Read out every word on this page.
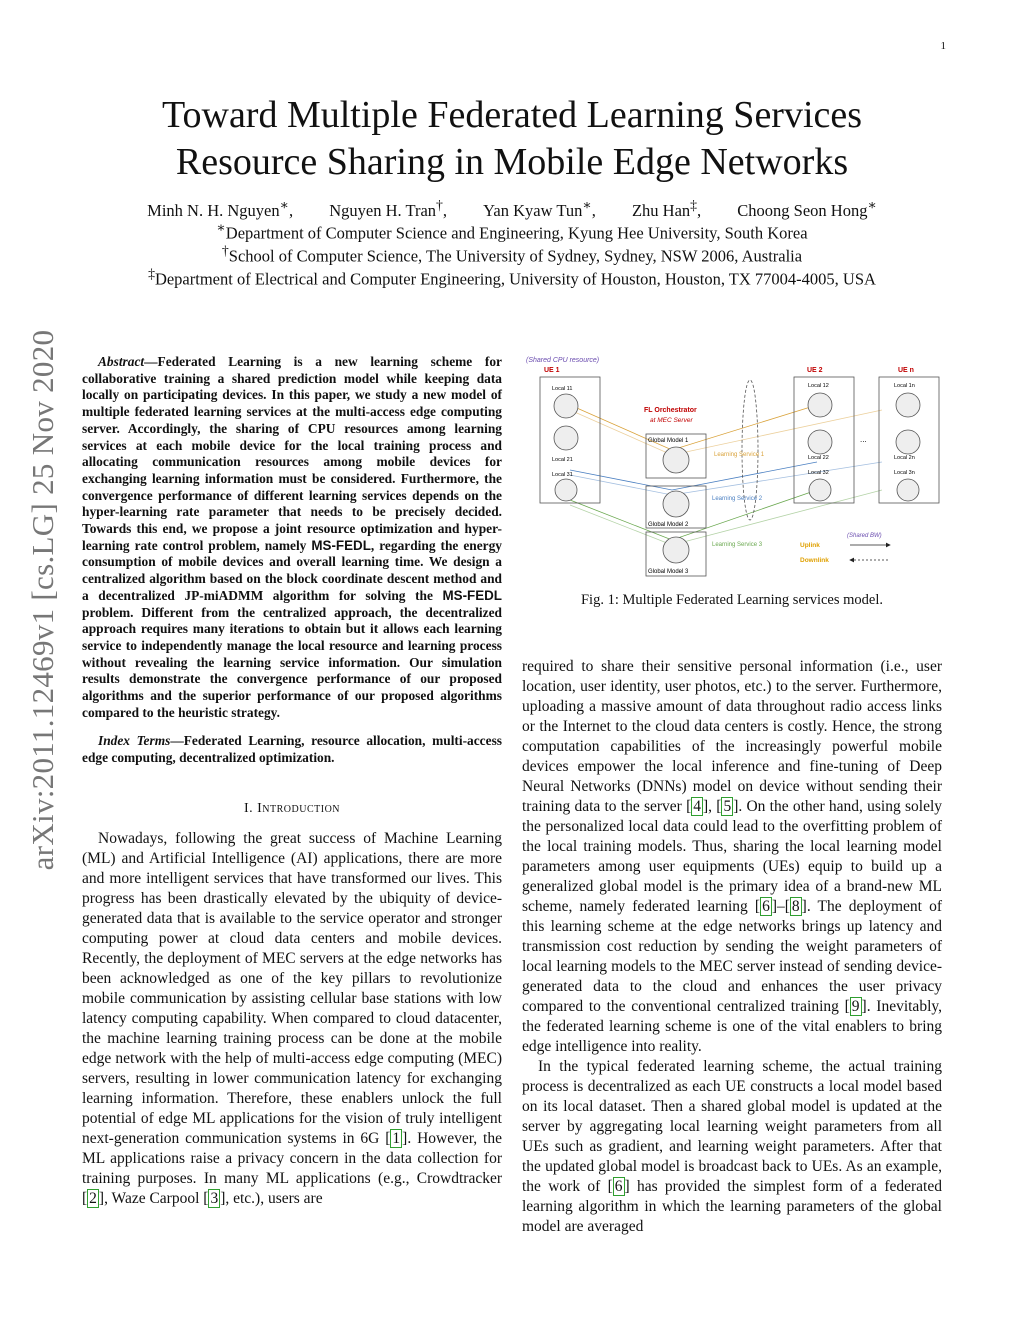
1
Toward Multiple Federated Learning Services
Resource Sharing in Mobile Edge Networks
Minh N. H. Nguyen∗, Nguyen H. Tran†, Yan Kyaw Tun∗, Zhu Han‡, Choong Seon Hong∗
∗Department of Computer Science and Engineering, Kyung Hee University, South Korea
†School of Computer Science, The University of Sydney, Sydney, NSW 2006, Australia
‡Department of Electrical and Computer Engineering, University of Houston, Houston, TX 77004-4005, USA
arXiv:2011.12469v1 [cs.LG] 25 Nov 2020	Abstract—Federated Learning is a new learning scheme for collaborative training a shared prediction model while keeping data locally on participating devices. In this paper, we study a new model of multiple federated learning services at the multi-access edge computing server. Accordingly, the sharing of CPU resources among learning services at each mobile device for the local training process and allocating communication resources among mobile devices for exchanging learning information must be considered. Furthermore, the convergence performance of different learning services depends on the hyper-learning rate parameter that needs to be precisely decided. Towards this end, we propose a joint resource optimization and hyper-learning rate control problem, namely MS-FEDL, regarding the energy consumption of mobile devices and overall learning time. We design a centralized algorithm based on the block coordinate descent method and a decentralized JP-miADMM algorithm for solving the MS-FEDL problem. Different from the centralized approach, the decentralized approach requires many iterations to obtain but it allows each learning service to independently manage the local resource and learning process without revealing the learning service information. Our simulation results demonstrate the convergence performance of our proposed algorithms and the superior performance of our proposed algorithms compared to the heuristic strategy.

Index Terms—Federated Learning, resource allocation, multi-access edge computing, decentralized optimization.

I. Introduction

Nowadays, following the great success of Machine Learning (ML) and Artificial Intelligence (AI) applications, there are more and more intelligent services that have transformed our lives. This progress has been drastically elevated by the ubiquity of device-generated data that is available to the service operator and stronger computing power at cloud data centers and mobile devices. Recently, the deployment of MEC servers at the edge networks has been acknowledged as one of the key pillars to revolutionize mobile communication by assisting cellular base stations with low latency computing capability. When compared to cloud datacenter, the machine learning training process can be done at the mobile edge network with the help of multi-access edge computing (MEC) servers, resulting in lower communication latency for exchanging learning information. Therefore, these enablers unlock the full potential of edge ML applications for the vision of truly intelligent next-generation communication systems in 6G [ 1 ]. However, the ML applications raise a privacy concern in the data collection for training purposes. In many ML applications (e.g., Crowdtracker [ 2 ], Waze Carpool [ 3 ], etc.), users are

(Shared CPU resource)
UE 1	UE 2	UE n
Local 11
Local 21
Local 31
FL Orchestrator
at MEC Server
Global Model 1
Global Model 2
Global Model 3
Learning Service 1
Learning Service 2
Learning Service 3
Local 12
Local 22
Local 32
...
Local 1n
Local 2n
Local 3n
(Shared BW)
Uplink
Downlink
Fig. 1: Multiple Federated Learning services model.

required to share their sensitive personal information (i.e., user location, user identity, user photos, etc.) to the server. Furthermore, uploading a massive amount of data throughout radio access links or the Internet to the cloud data centers is costly. Hence, the strong computation capabilities of the increasingly powerful mobile devices empower the local inference and fine-tuning of Deep Neural Networks (DNNs) model on device without sending their training data to the server [ 4 ], [ 5 ]. On the other hand, using solely the personalized local data could lead to the overfitting problem of the local training models. Thus, sharing the local learning model parameters among user equipments (UEs) equip to build up a generalized global model is the primary idea of a brand-new ML scheme, namely federated learning [ 6 ]–[ 8 ]. The deployment of this learning scheme at the edge networks brings up latency and transmission cost reduction by sending the weight parameters of local learning models to the MEC server instead of sending device-generated data to the cloud and enhances the user privacy compared to the conventional centralized training [ 9 ]. Inevitably, the federated learning scheme is one of the vital enablers to bring edge intelligence into reality.

In the typical federated learning scheme, the actual training process is decentralized as each UE constructs a local model based on its local dataset. Then a shared global model is updated at the server by aggregating local learning weight parameters from all UEs such as gradient, and learning weight parameters. After that the updated global model is broadcast back to UEs. As an example, the work of [ 6 ] has provided the simplest form of a federated learning algorithm in which the learning parameters of the global model are averaged
